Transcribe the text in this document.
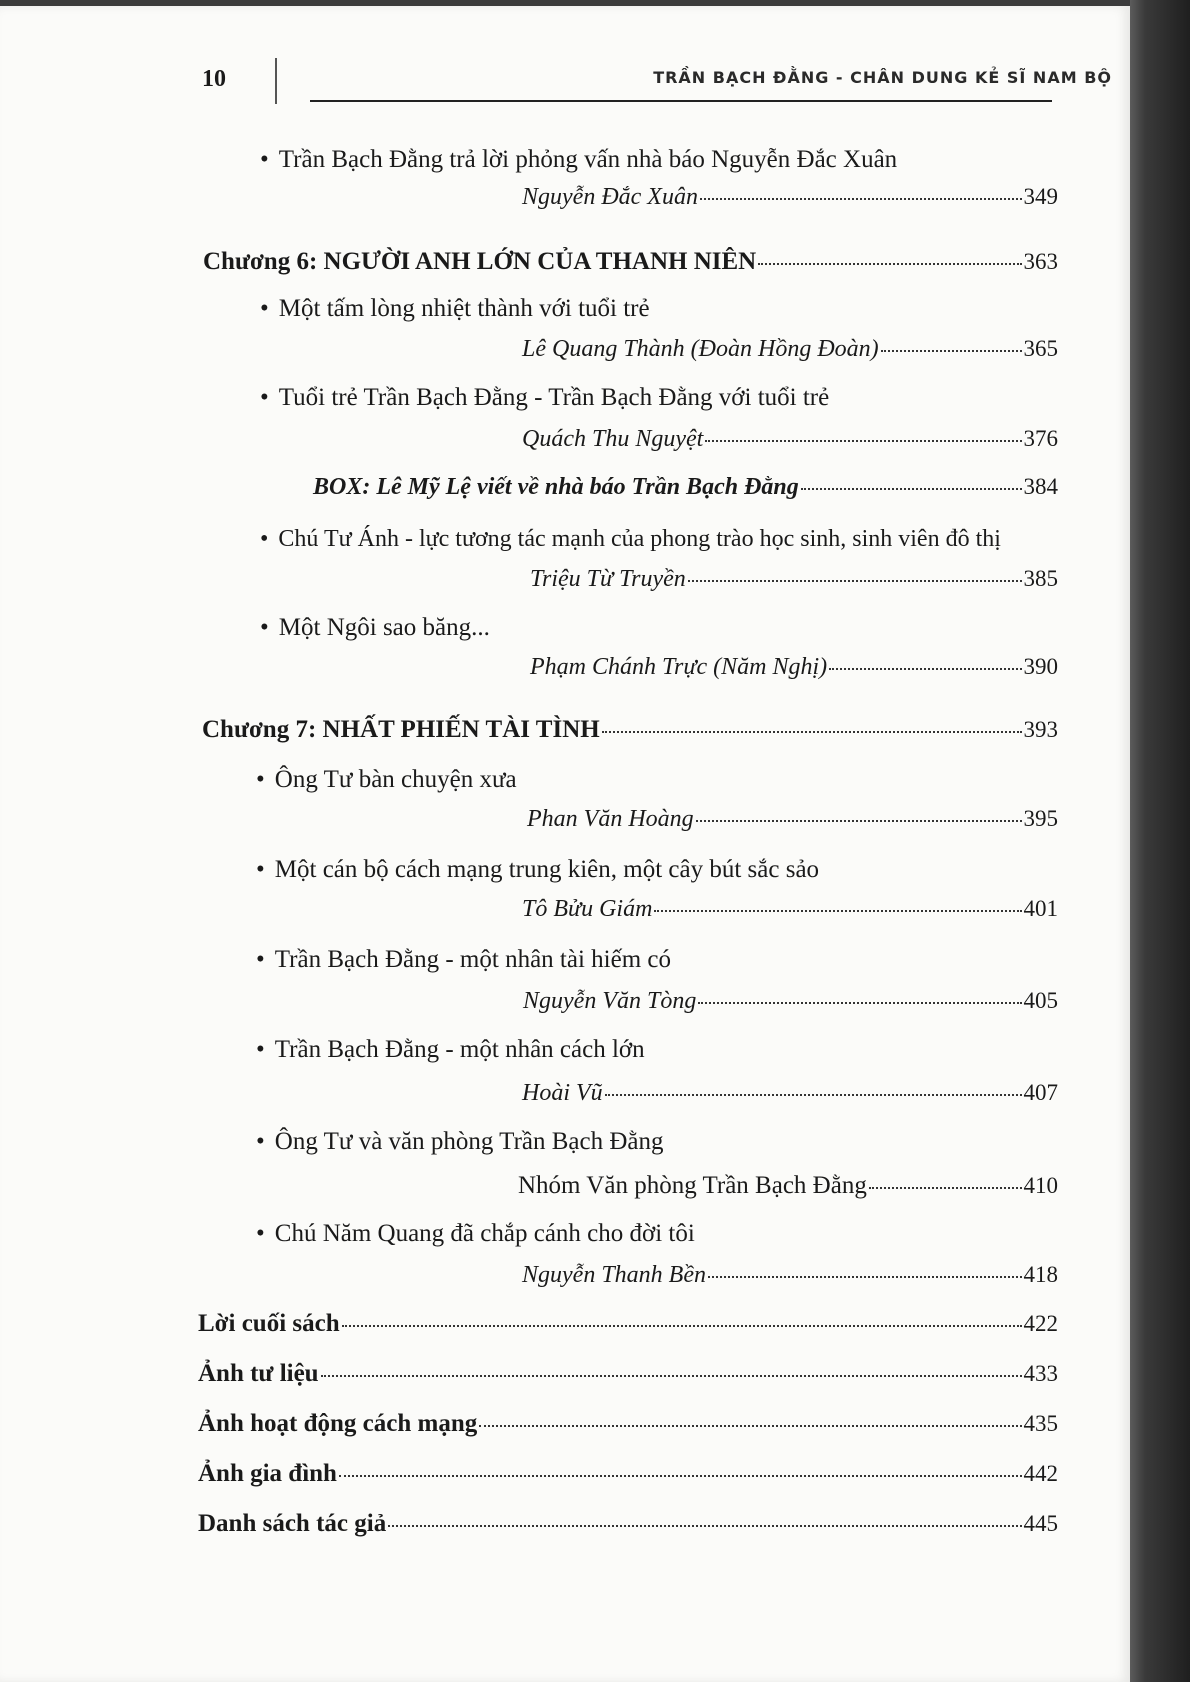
10	TRẦN BẠCH ĐẰNG - CHÂN DUNG KẺ SĨ NAM BỘ
• Trần Bạch Đằng trả lời phỏng vấn nhà báo Nguyễn Đắc Xuân
Nguyễn Đắc Xuân	349
Chương 6: NGƯỜI ANH LỚN CỦA THANH NIÊN	363
• Một tấm lòng nhiệt thành với tuổi trẻ
Lê Quang Thành (Đoàn Hồng Đoàn)	365
• Tuổi trẻ Trần Bạch Đằng - Trần Bạch Đằng với tuổi trẻ
Quách Thu Nguyệt	376
BOX: Lê Mỹ Lệ viết về nhà báo Trần Bạch Đằng	384
• Chú Tư Ánh - lực tương tác mạnh của phong trào học sinh, sinh viên đô thị
Triệu Từ Truyền	385
• Một Ngôi sao băng...
Phạm Chánh Trực (Năm Nghị)	390
Chương 7: NHẤT PHIẾN TÀI TÌNH	393
• Ông Tư bàn chuyện xưa
Phan Văn Hoàng	395
• Một cán bộ cách mạng trung kiên, một cây bút sắc sảo
Tô Bửu Giám	401
• Trần Bạch Đằng - một nhân tài hiếm có
Nguyễn Văn Tòng	405
• Trần Bạch Đằng - một nhân cách lớn
Hoài Vũ	407
• Ông Tư và văn phòng Trần Bạch Đằng
Nhóm Văn phòng Trần Bạch Đằng	410
• Chú Năm Quang đã chắp cánh cho đời tôi
Nguyễn Thanh Bền	418
Lời cuối sách	422
Ảnh tư liệu	433
Ảnh hoạt động cách mạng	435
Ảnh gia đình	442
Danh sách tác giả	445
